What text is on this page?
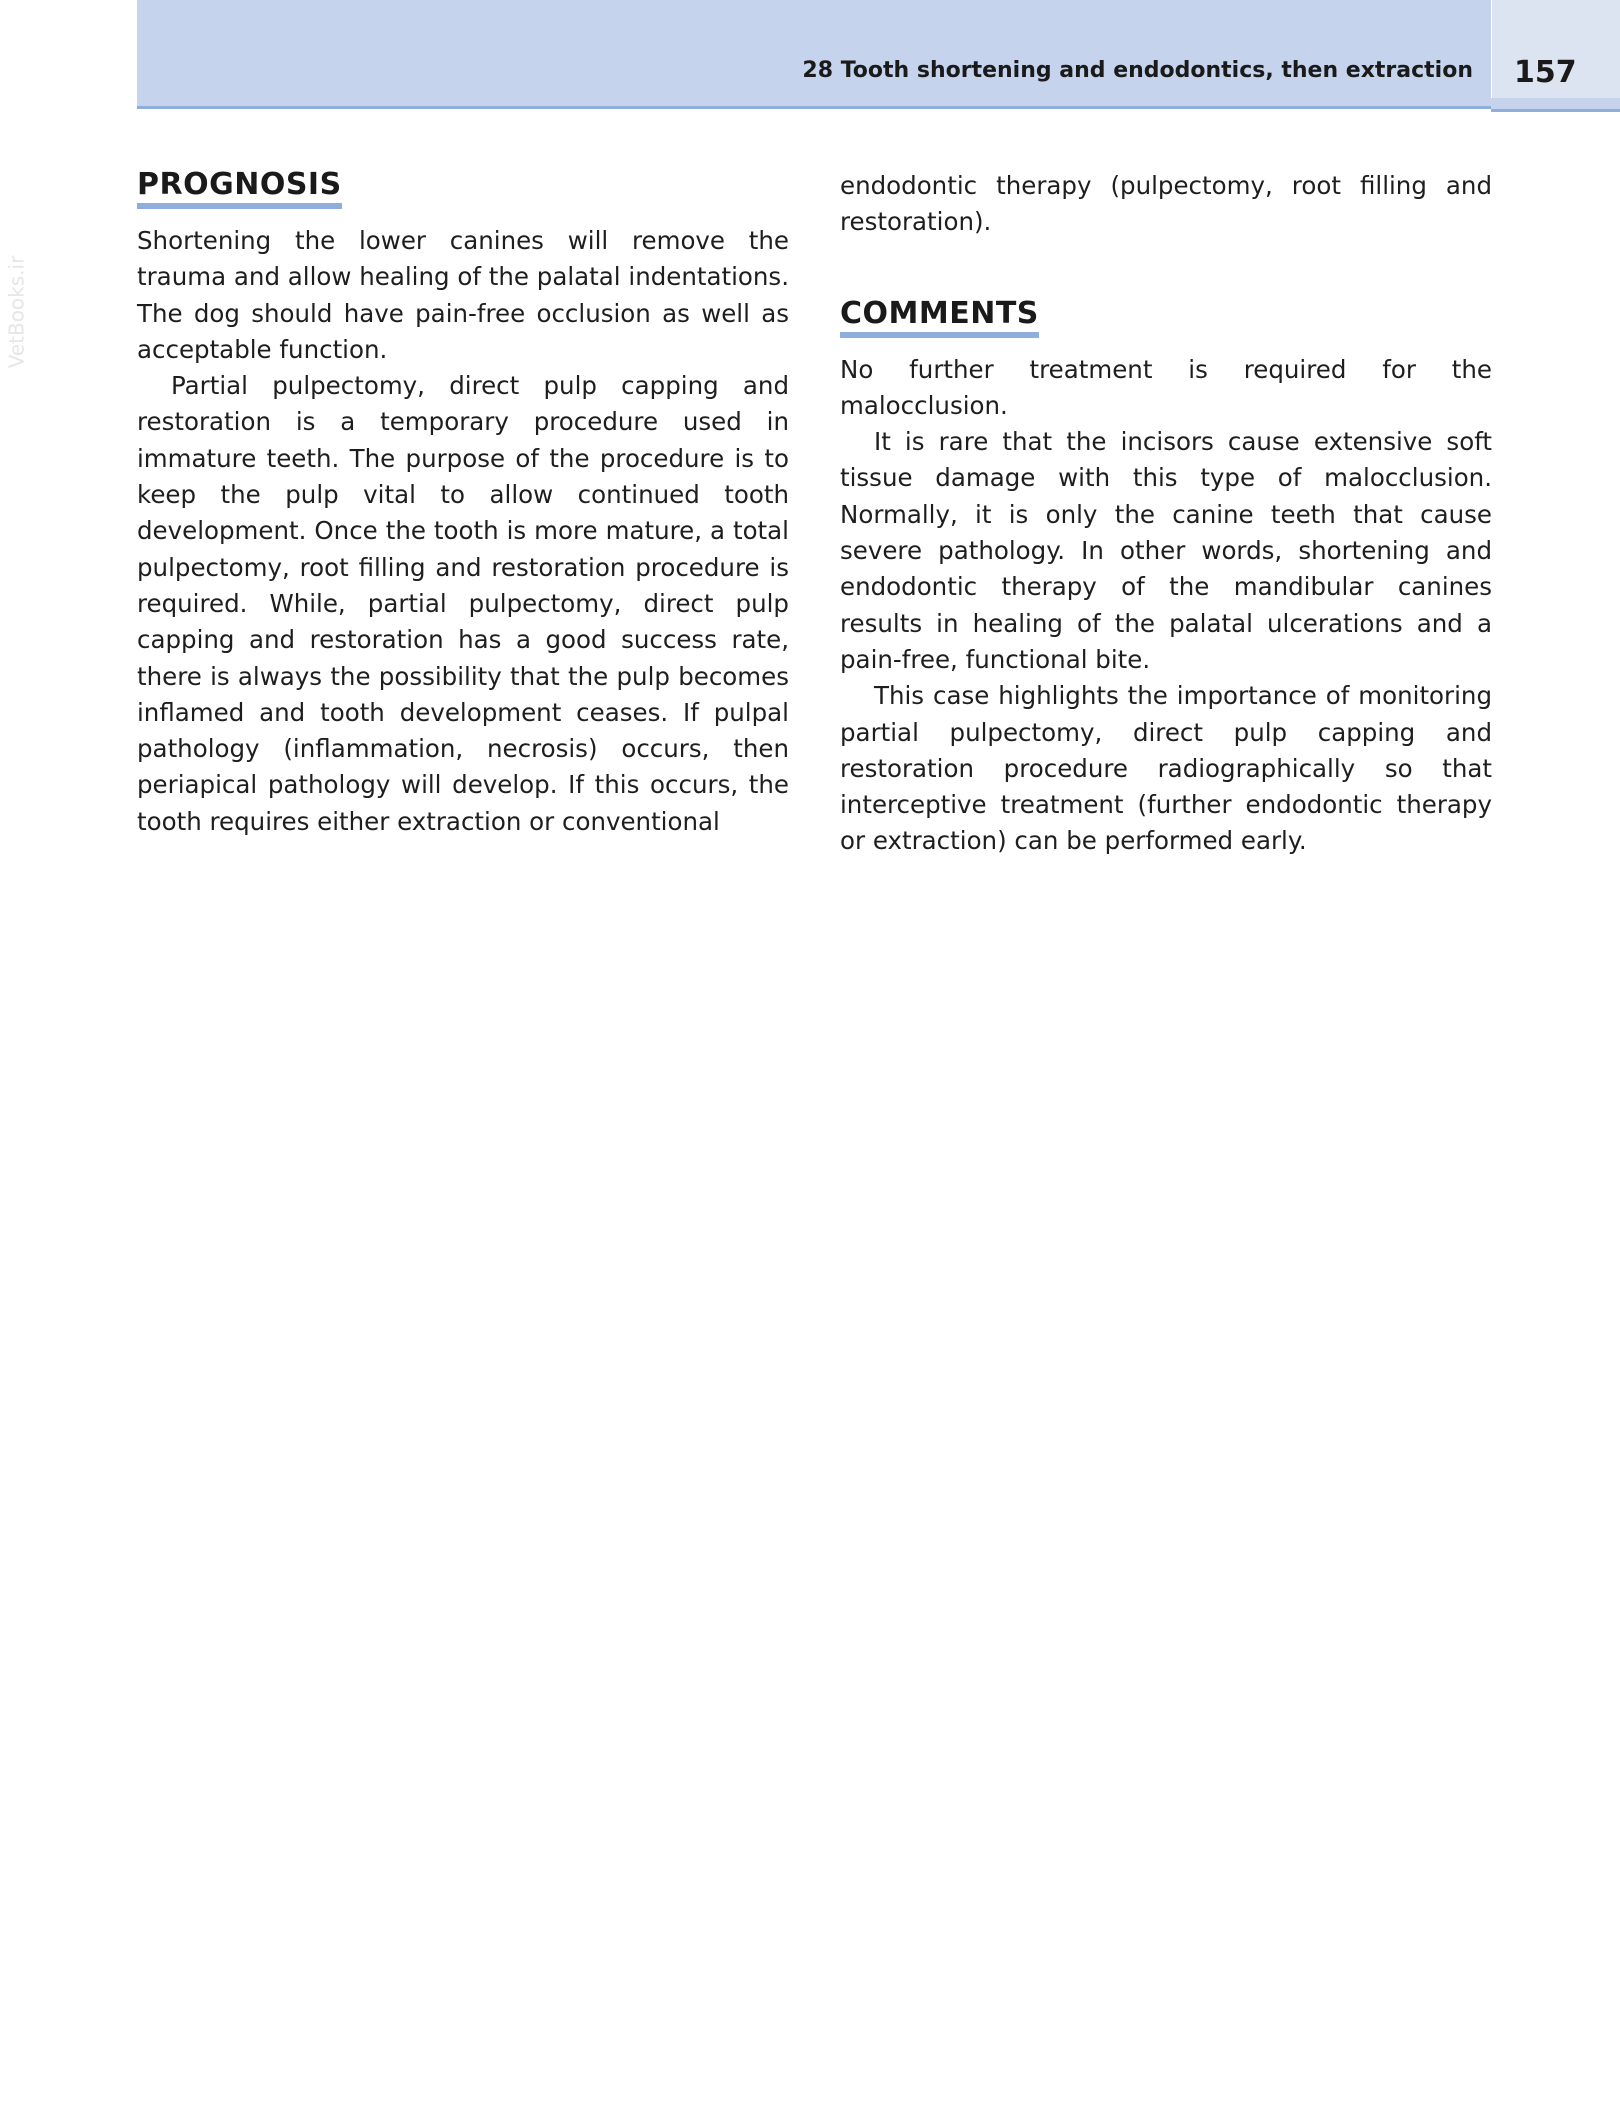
28 Tooth shortening and endodontics, then extraction 157
VetBooks.ir
PROGNOSIS

Shortening the lower canines will remove the trauma and allow healing of the palatal indentations. The dog should have pain-free occlusion as well as acceptable function.

Partial pulpectomy, direct pulp capping and restoration is a temporary procedure used in immature teeth. The purpose of the procedure is to keep the pulp vital to allow continued tooth development. Once the tooth is more mature, a total pulpectomy, root filling and restoration procedure is required. While, partial pulpectomy, direct pulp capping and restoration has a good success rate, there is always the possibility that the pulp becomes inflamed and tooth development ceases. If pulpal pathology (inflammation, necrosis) occurs, then periapical pathology will develop. If this occurs, the tooth requires either extraction or conventional

endodontic therapy (pulpectomy, root filling and restoration).

COMMENTS

No further treatment is required for the malocclusion.

It is rare that the incisors cause extensive soft tissue damage with this type of malocclusion. Normally, it is only the canine teeth that cause severe pathology. In other words, shortening and endodontic therapy of the mandibular canines results in healing of the palatal ulcerations and a pain-free, functional bite.

This case highlights the importance of monitoring partial pulpectomy, direct pulp capping and restoration procedure radiographically so that interceptive treatment (further endodontic therapy or extraction) can be performed early.
